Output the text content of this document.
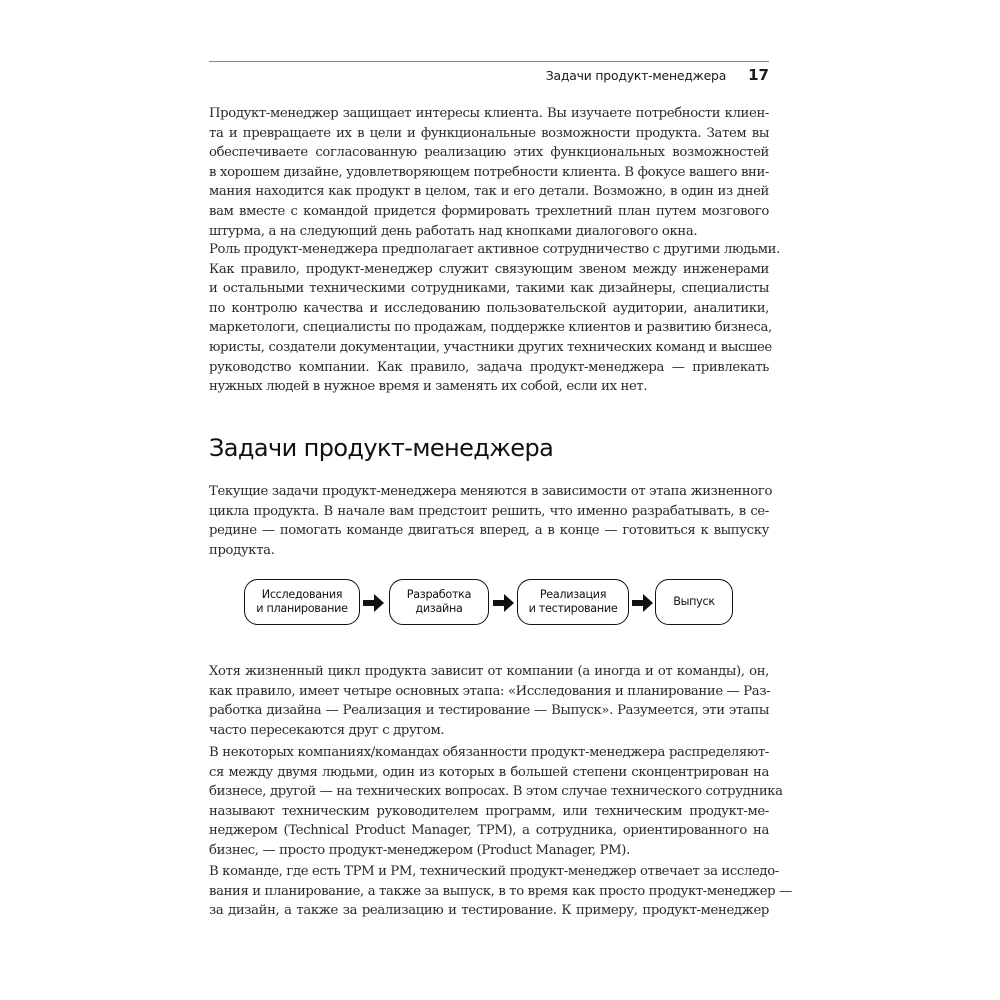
Задачи продукт-менеджера 17
Продукт-менеджер защищает интересы клиента. Вы изучаете потребности клиен-
та и превращаете их в цели и функциональные возможности продукта. Затем вы
обеспечиваете согласованную реализацию этих функциональных возможностей
в хорошем дизайне, удовлетворяющем потребности клиента. В фокусе вашего вни-
мания находится как продукт в целом, так и его детали. Возможно, в один из дней
вам вместе с командой придется формировать трехлетний план путем мозгового
штурма, а на следующий день работать над кнопками диалогового окна.
Роль продукт-менеджера предполагает активное сотрудничество с другими людьми.
Как правило, продукт-менеджер служит связующим звеном между инженерами
и остальными техническими сотрудниками, такими как дизайнеры, специалисты
по контролю качества и исследованию пользовательской аудитории, аналитики,
маркетологи, специалисты по продажам, поддержке клиентов и развитию бизнеса,
юристы, создатели документации, участники других технических команд и высшее
руководство компании. Как правило, задача продукт-менеджера — привлекать
нужных людей в нужное время и заменять их собой, если их нет.
Задачи продукт-менеджера
Текущие задачи продукт-менеджера меняются в зависимости от этапа жизненного
цикла продукта. В начале вам предстоит решить, что именно разрабатывать, в се-
редине — помогать команде двигаться вперед, а в конце — готовиться к выпуску
продукта.
Исследования
и планирование
Разработка
дизайна
Реализация
и тестирование
Выпуск
Хотя жизненный цикл продукта зависит от компании (а иногда и от команды), он,
как правило, имеет четыре основных этапа: «Исследования и планирование — Раз-
работка дизайна — Реализация и тестирование — Выпуск». Разумеется, эти этапы
часто пересекаются друг с другом.
В некоторых компаниях/командах обязанности продукт-менеджера распределяют-
ся между двумя людьми, один из которых в большей степени сконцентрирован на
бизнесе, другой — на технических вопросах. В этом случае технического сотрудника
называют техническим руководителем программ, или техническим продукт-ме-
неджером (Technical Product Manager, TPM), а сотрудника, ориентированного на
бизнес, — просто продукт-менеджером (Product Manager, PM).
В команде, где есть TPM и PM, технический продукт-менеджер отвечает за исследо-
вания и планирование, а также за выпуск, в то время как просто продукт-менеджер —
за дизайн, а также за реализацию и тестирование. К примеру, продукт-менеджер
